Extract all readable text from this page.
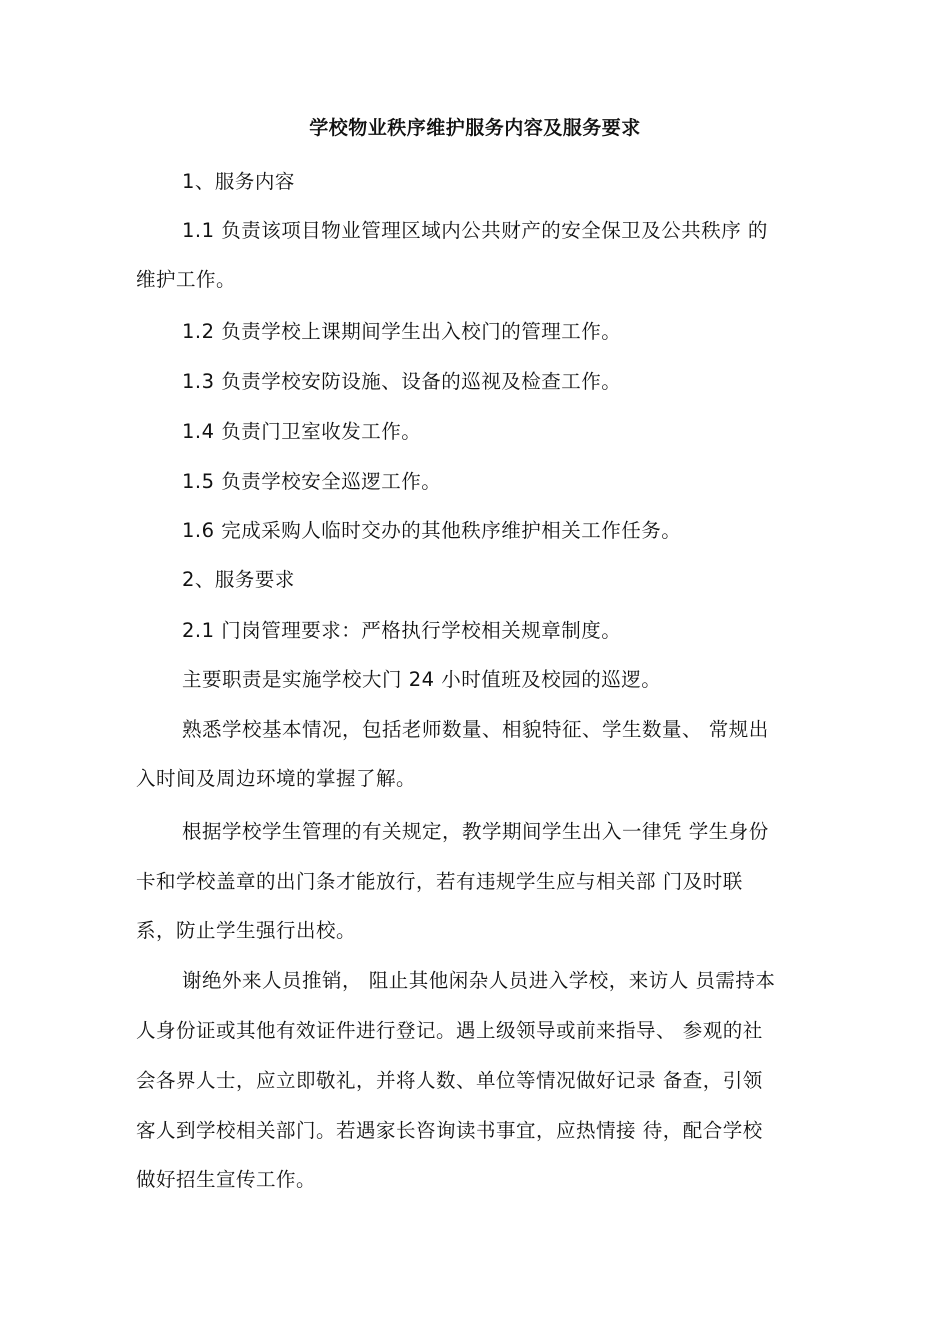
学校物业秩序维护服务内容及服务要求
1、服务内容
1.1 负责该项目物业管理区域内公共财产的安全保卫及公共秩序 的
维护工作。
1.2 负责学校上课期间学生出入校门的管理工作。
1.3 负责学校安防设施、设备的巡视及检查工作。
1.4 负责门卫室收发工作。
1.5 负责学校安全巡逻工作。
1.6 完成采购人临时交办的其他秩序维护相关工作任务。
2、服务要求
2.1 门岗管理要求：严格执行学校相关规章制度。
主要职责是实施学校大门 24 小时值班及校园的巡逻。
熟悉学校基本情况，包括老师数量、相貌特征、学生数量、 常规出
入时间及周边环境的掌握了解。
根据学校学生管理的有关规定，教学期间学生出入一律凭 学生身份
卡和学校盖章的出门条才能放行，若有违规学生应与相关部 门及时联
系，防止学生强行出校。
谢绝外来人员推销， 阻止其他闲杂人员进入学校，来访人 员需持本
人身份证或其他有效证件进行登记。遇上级领导或前来指导、 参观的社
会各界人士，应立即敬礼，并将人数、单位等情况做好记录 备查，引领
客人到学校相关部门。若遇家长咨询读书事宜，应热情接 待，配合学校
做好招生宣传工作。
